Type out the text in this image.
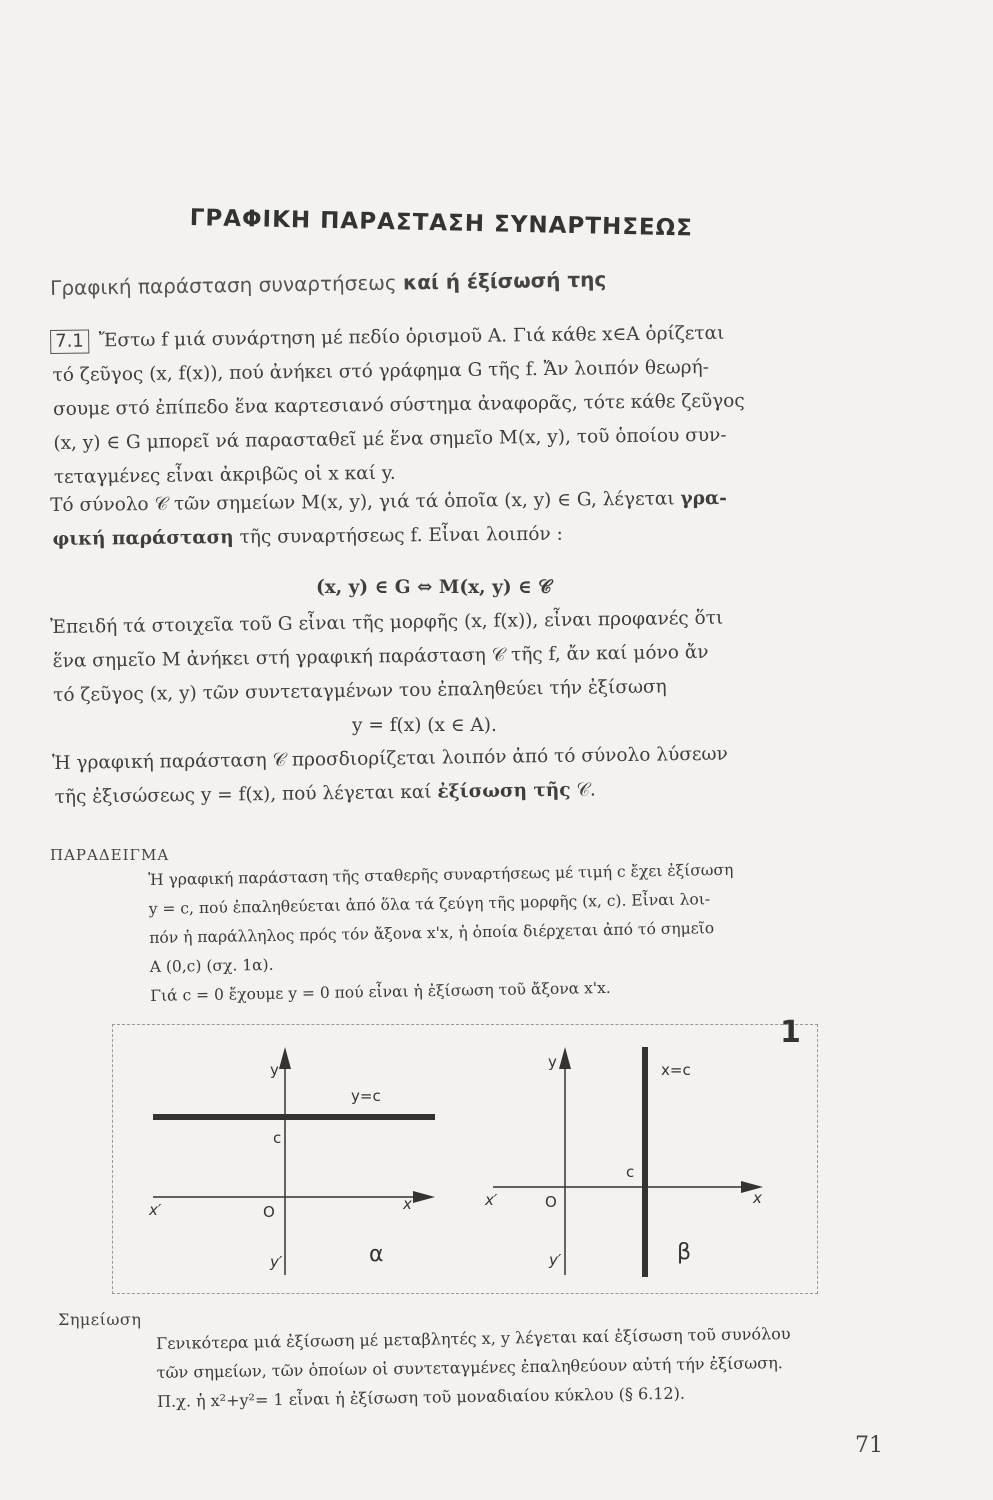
ΓΡΑΦΙΚΗ ΠΑΡΑΣΤΑΣΗ ΣΥΝΑΡΤΗΣΕΩΣ
Γραφική παράσταση συναρτήσεως καί ή έξίσωσή της
7.1 Ἔστω f μιά συνάρτηση μέ πεδίο ὁρισμοῦ Α. Γιά κάθε x∈A ὁρίζεται
τό ζεῦγος (x, f(x)), πού ἀνήκει στό γράφημα G τῆς f. Ἄν λοιπόν θεωρή-
σουμε στό ἐπίπεδο ἕνα καρτεσιανό σύστημα ἀναφορᾶς, τότε κάθε ζεῦγος
(x, y) ∈ G μπορεῖ νά παρασταθεῖ μέ ἕνα σημεῖο Μ(x, y), τοῦ ὁποίου συν-
τεταγμένες εἶναι ἀκριβῶς οἱ x καί y.
Τό σύνολο 𝒞 τῶν σημείων Μ(x, y), γιά τά ὁποῖα (x, y) ∈ G, λέγεται γρα-
φική παράσταση τῆς συναρτήσεως f. Εἶναι λοιπόν :
(x, y) ∈ G ⇔ M(x, y) ∈ 𝒞
Ἐπειδή τά στοιχεῖα τοῦ G εἶναι τῆς μορφῆς (x, f(x)), εἶναι προφανές ὅτι
ἕνα σημεῖο Μ ἀνήκει στή γραφική παράσταση 𝒞 τῆς f, ἄν καί μόνο ἄν
τό ζεῦγος (x, y) τῶν συντεταγμένων του ἐπαληθεύει τήν ἐξίσωση
y = f(x) (x ∈ A).
Ἡ γραφική παράσταση 𝒞 προσδιορίζεται λοιπόν ἀπό τό σύνολο λύσεων
τῆς ἐξισώσεως y = f(x), πού λέγεται καί ἐξίσωση τῆς 𝒞.
ΠΑΡΑΔΕΙΓΜΑ
Ἡ γραφική παράσταση τῆς σταθερῆς συναρτήσεως μέ τιμή c ἔχει ἐξίσωση
y = c, πού ἐπαληθεύεται ἀπό ὅλα τά ζεύγη τῆς μορφῆς (x, c). Εἶναι λοι-
πόν ἡ παράλληλος πρός τόν ἄξονα x'x, ἡ ὁποία διέρχεται ἀπό τό σημεῖο
Α (0,c) (σχ. 1α).
Γιά c = 0 ἔχουμε y = 0 πού εἶναι ἡ ἐξίσωση τοῦ ἄξονα x'x.
y
y=c
c
O
x′	x
y′	α
y	x=c
c
O
x′	x
y′	β
1
Σημείωση
Γενικότερα μιά ἐξίσωση μέ μεταβλητές x, y λέγεται καί ἐξίσωση τοῦ συνόλου
τῶν σημείων, τῶν ὁποίων οἱ συντεταγμένες ἐπαληθεύουν αὐτή τήν ἐξίσωση.
Π.χ. ἡ x²+y²= 1 εἶναι ἡ ἐξίσωση τοῦ μοναδιαίου κύκλου (§ 6.12).
71
